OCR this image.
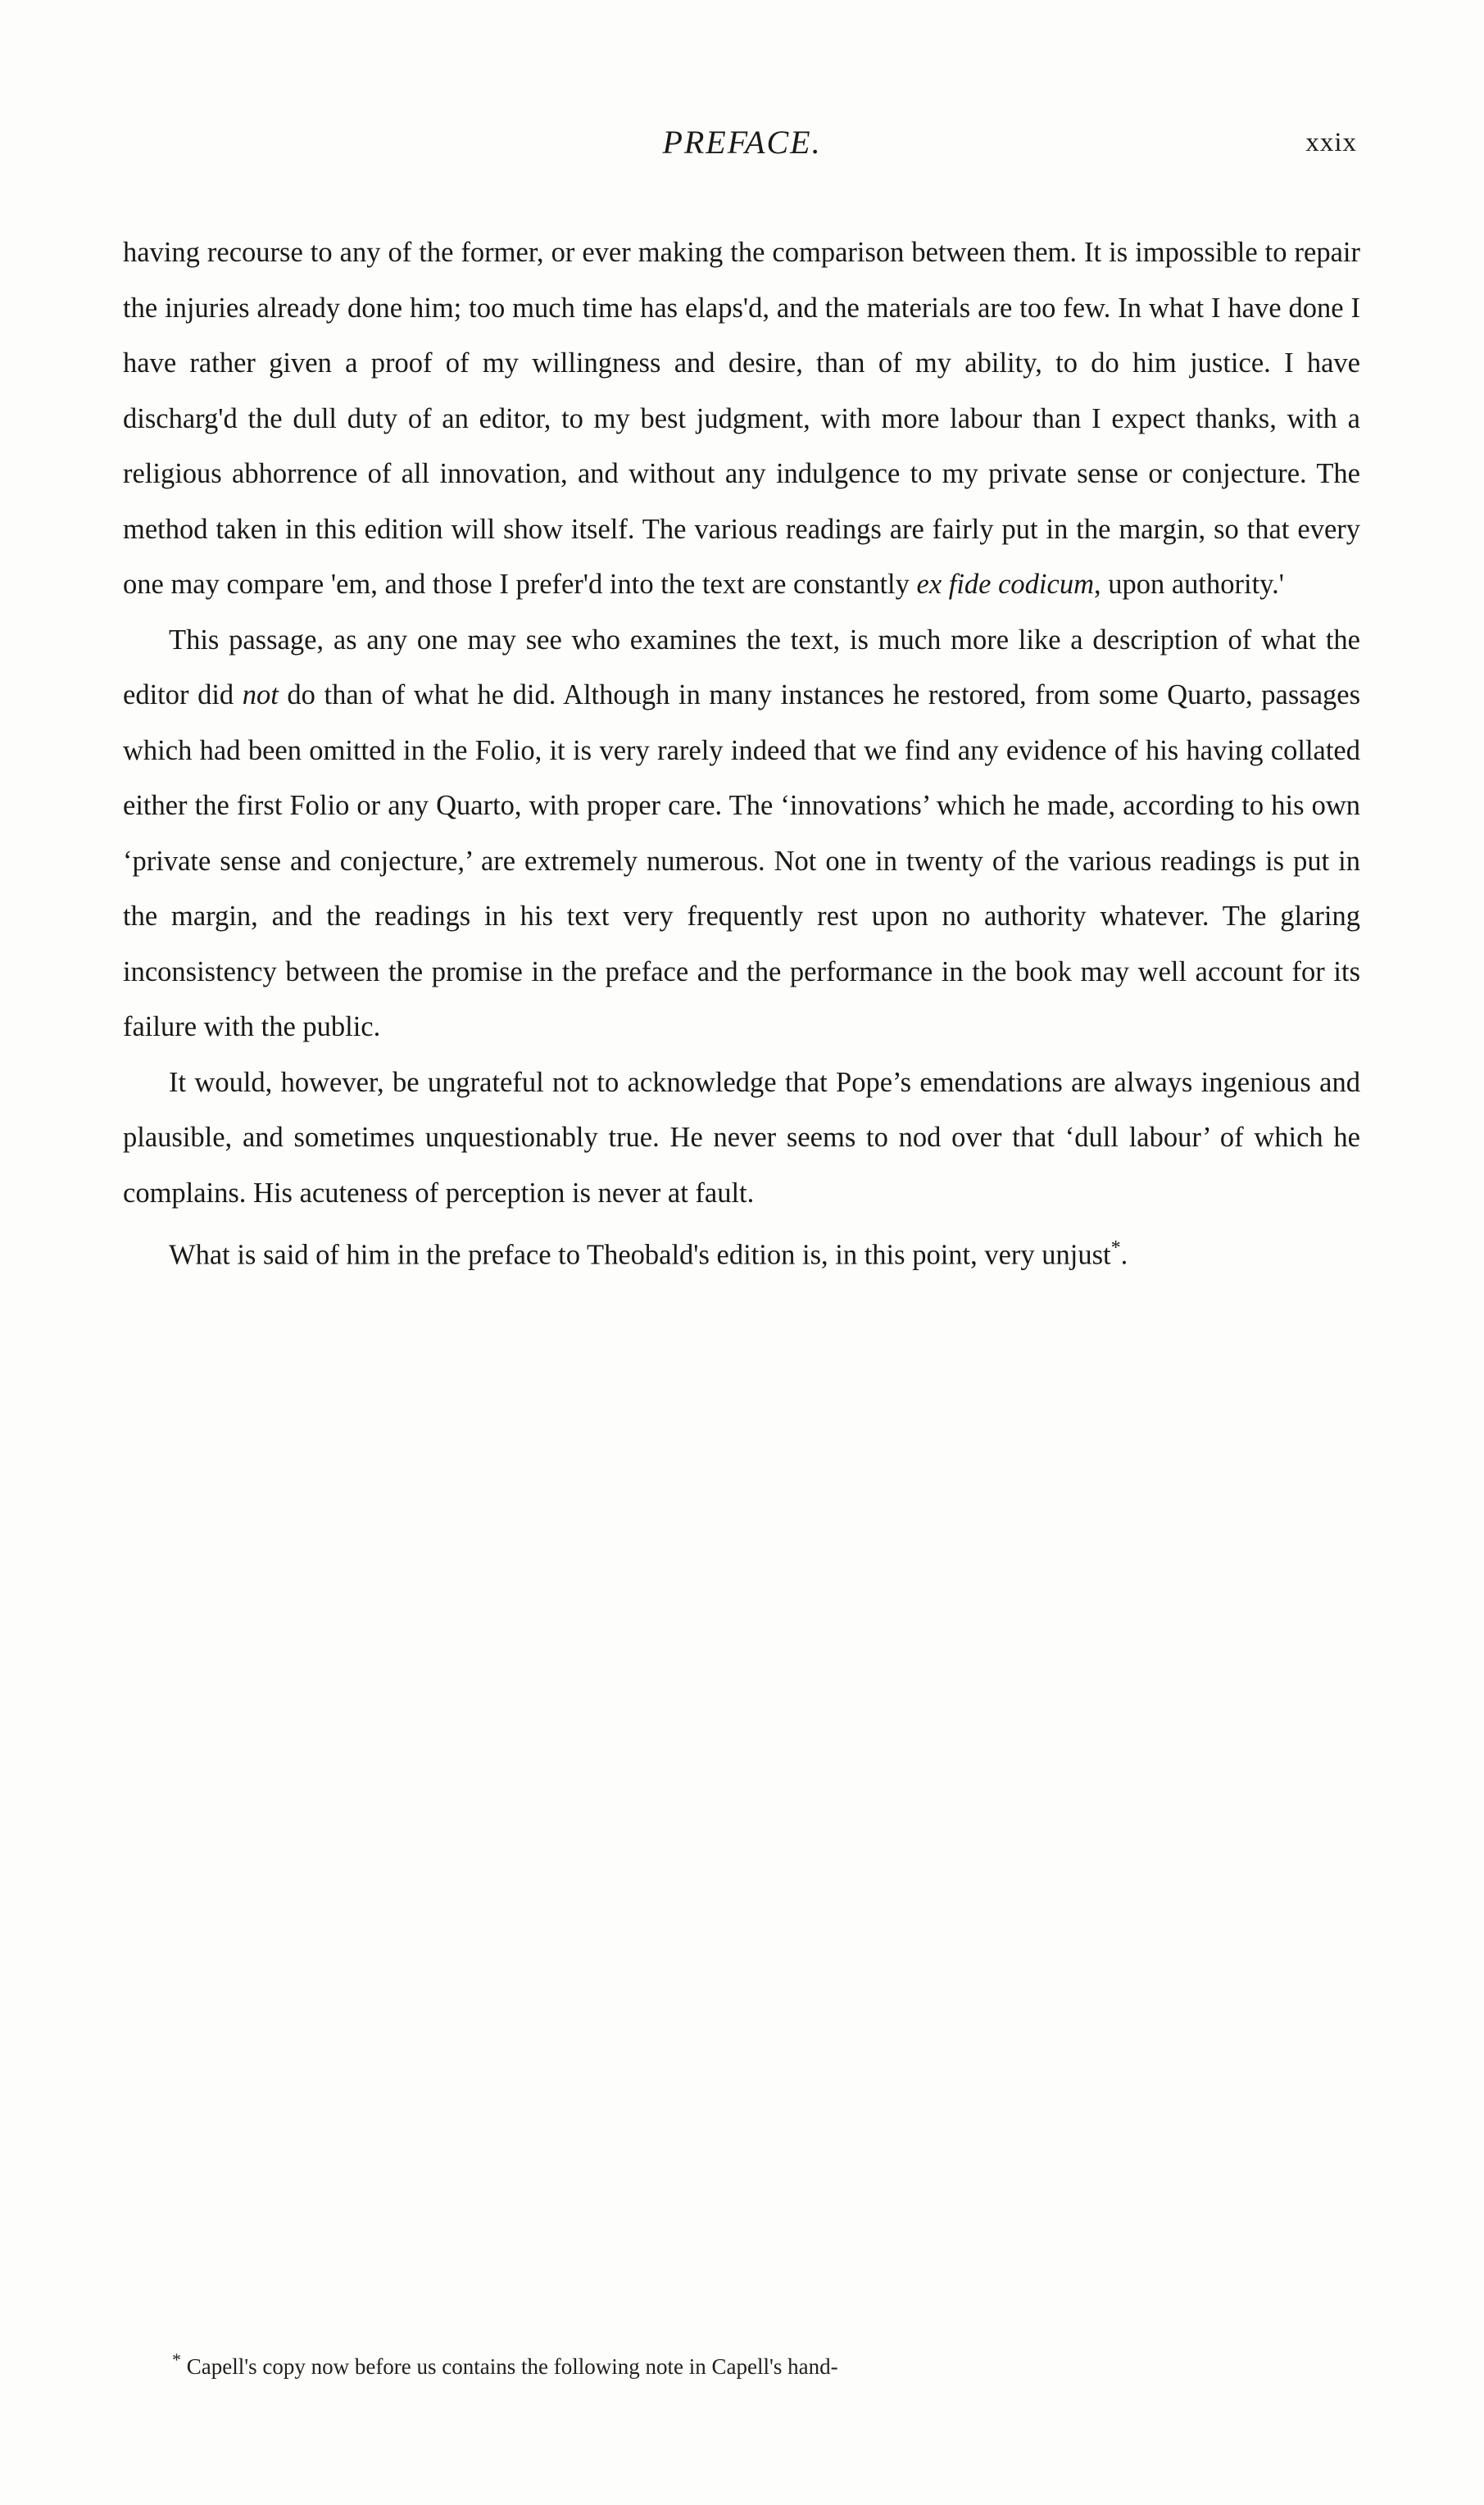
PREFACE.	xxix

having recourse to any of the former, or ever making the comparison between them. It is impossible to repair the injuries already done him; too much time has elaps'd, and the materials are too few. In what I have done I have rather given a proof of my willingness and desire, than of my ability, to do him justice. I have discharg'd the dull duty of an editor, to my best judgment, with more labour than I expect thanks, with a religious abhorrence of all innovation, and without any indulgence to my private sense or conjecture. The method taken in this edition will show itself. The various readings are fairly put in the margin, so that every one may compare 'em, and those I prefer'd into the text are constantly ex fide codicum, upon authority.'

This passage, as any one may see who examines the text, is much more like a description of what the editor did not do than of what he did. Although in many instances he restored, from some Quarto, passages which had been omitted in the Folio, it is very rarely indeed that we find any evidence of his having collated either the first Folio or any Quarto, with proper care. The ‘innovations’ which he made, according to his own ‘private sense and conjecture,’ are extremely numerous. Not one in twenty of the various readings is put in the margin, and the readings in his text very frequently rest upon no authority whatever. The glaring inconsistency between the promise in the preface and the performance in the book may well account for its failure with the public.

It would, however, be ungrateful not to acknowledge that Pope’s emendations are always ingenious and plausible, and sometimes unquestionably true. He never seems to nod over that ‘dull labour’ of which he complains. His acuteness of perception is never at fault.

What is said of him in the preface to Theobald's edition is, in this point, very unjust*.

* Capell's copy now before us contains the following note in Capell's hand-
